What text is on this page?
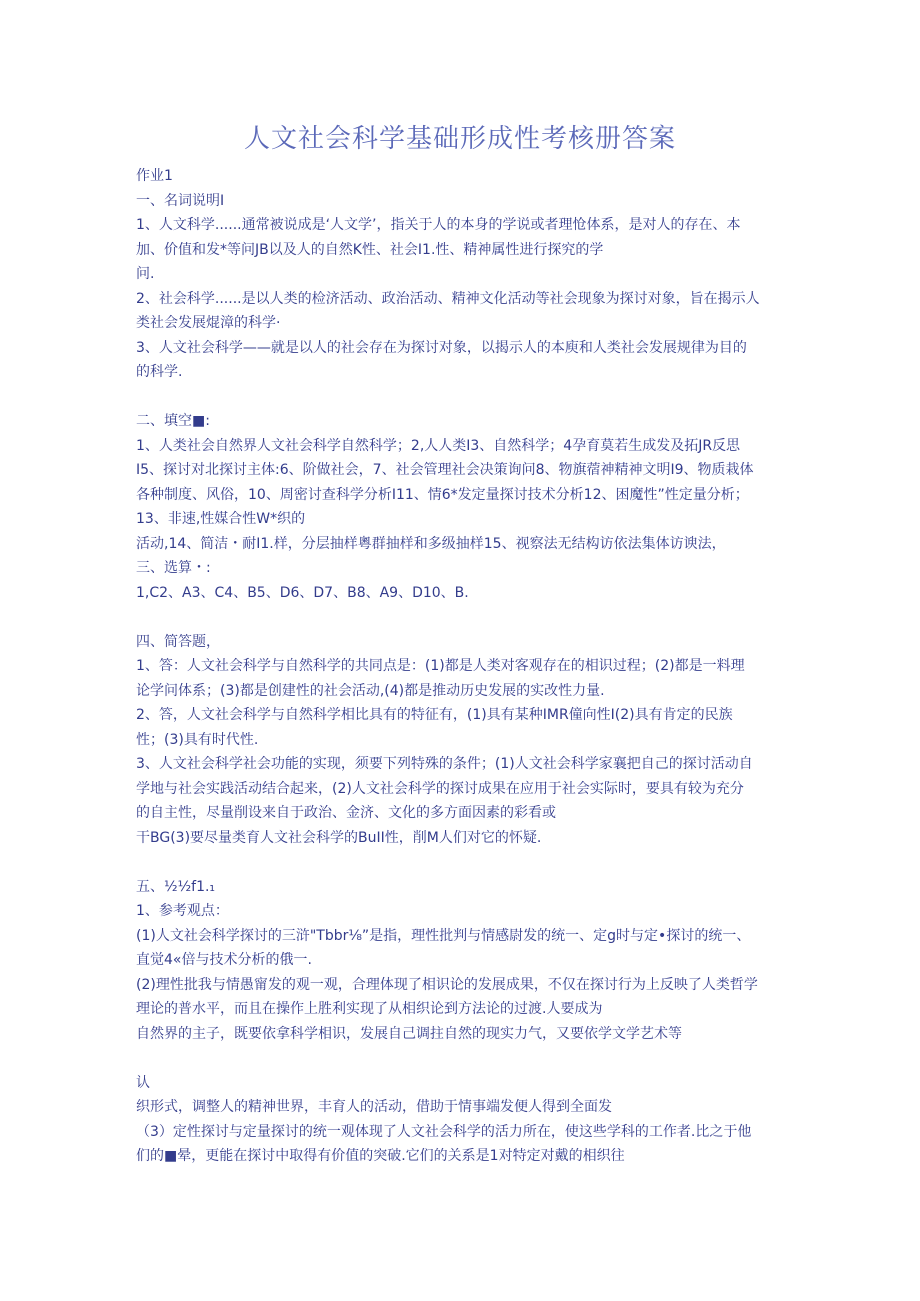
人文社会科学基础形成性考核册答案
作业1
一、名词说明I
1、人文科学......通常被说成是‘人文学’，指关于人的本身的学说或者理怆体系，是对人的存在、本
加、价值和发*等问JB以及人的自然K性、社会I1.性、精神属性进行探究的学
问.
2、社会科学......是以人类的检济活动、政治活动、精神文化活动等社会现象为探讨对象，旨在揭示人
类社会发展焜漳的科学·
3、人文社会科学——就是以人的社会存在为探讨对象，以揭示人的本庾和人类社会发展规律为目的
的科学.
二、填空■:
1、人类社会自然界人文社会科学自然科学；2,人人类I3、自然科学；4孕育莫若生成发及拓JR反思
I5、探讨对北探讨主体:6、阶做社会，7、社会管理社会决策询问8、物旗蓿神精神文明I9、物质栽体
各种制度、风俗，10、周密讨查科学分析I11、情6*发定量探讨技术分析12、困魔性”性定量分析；
13、非速,性媒合性W*织的
活动,14、简洁・耐I1.样，分层抽样粵群抽样和多级抽样15、视察法无结构访依法集体访谀法，
三、选算・:
1,C2、A3、C4、B5、D6、D7、B8、A9、D10、B.
四、简答题，
1、答：人文社会科学与自然科学的共同点是：(1)都是人类对客观存在的相识过程；(2)都是一料理
论学问体系；(3)都是创建性的社会活动,(4)都是推动历史发展的实改性力量.
2、答，人文社会科学与自然科学相比具有的特征有，(1)具有某种IMR僮向性I(2)具有肯定的民族
性；(3)具有时代性.
3、人文社会科学社会功能的实现，须要下列特殊的条件；(1)人文社会科学家襄把自己的探讨活动自
学地与社会实践活动结合起来，(2)人文社会科学的探讨成果在应用于社会实际时，要具有较为充分
的自主性，尽量削设来自于政治、金济、文化的多方面因素的彩看或
干BG(3)要尽量类育人文社会科学的BuII性，削M人们对它的怀疑.
五、½½f1.₁
1、参考观点：
(1)人文社会科学探讨的三浒"Tbbr⅛”是指，理性批判与情感尉发的统一、定g时与定•探讨的统一、
直觉4«倍与技术分析的俄一.
(2)理性批我与情愚甯发的观一观，合理体现了相识论的发展成果，不仅在探讨行为上反映了人类哲学
理论的普水平，而且在操作上胜利实现了从相织论到方法论的过渡.人要成为
自然界的主子，既要依拿科学相识，发展自己调拄自然的现实力气，又要依学文学艺术等
认
织形式，调整人的精神世界，丰育人的活动，借助于情事端发便人得到全面发
（3）定性探讨与定量探讨的统一观体现了人文社会科学的活力所在，使这些学科的工作者.比之于他
们的■晕，更能在探讨中取得有价值的突破.它们的关系是1对特定对戴的相织往
